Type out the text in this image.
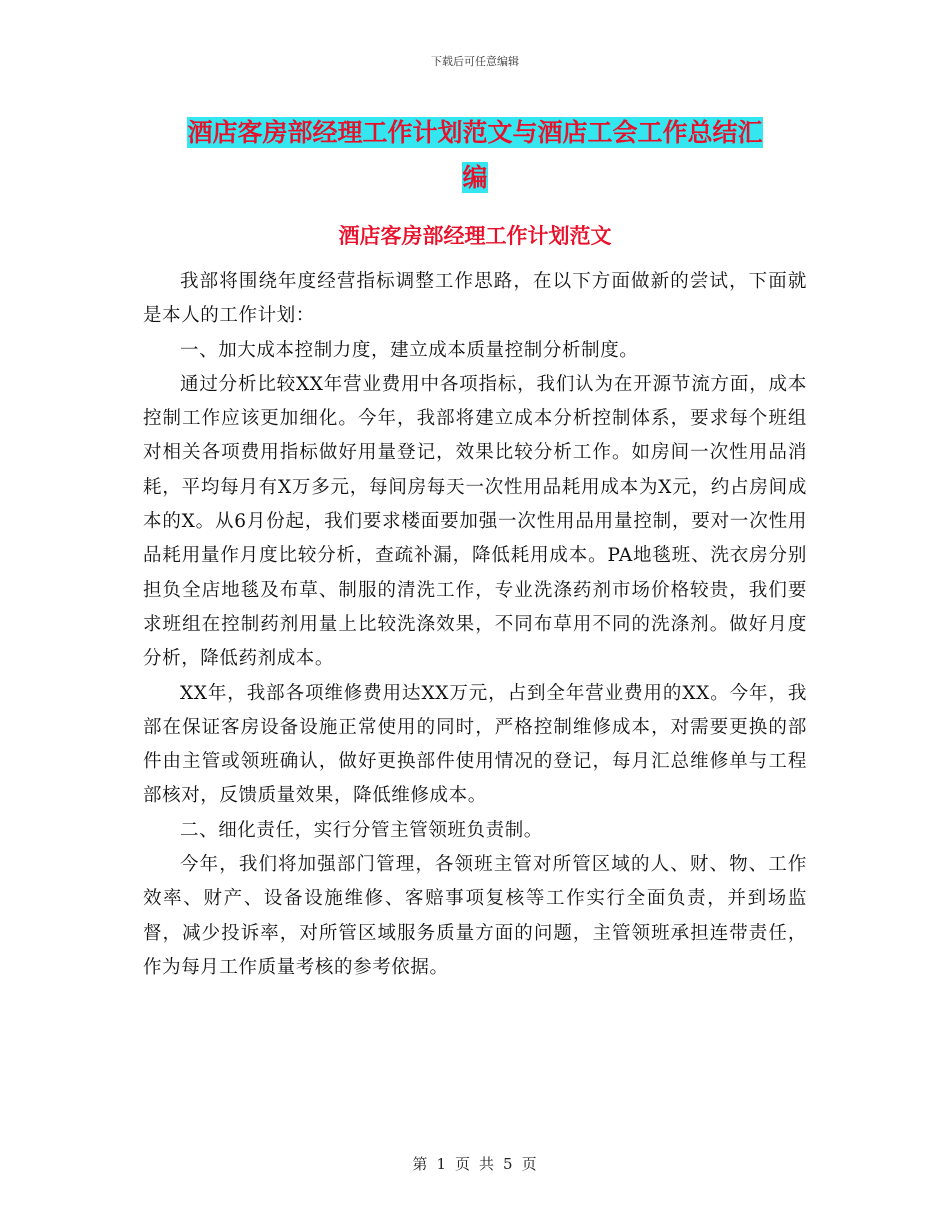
下载后可任意编辑
酒店客房部经理工作计划范文与酒店工会工作总结汇
编
酒店客房部经理工作计划范文

我部将围绕年度经营指标调整工作思路，在以下方面做新的尝试，下面就是本人的工作计划：

一、加大成本控制力度，建立成本质量控制分析制度。

通过分析比较XX年营业费用中各项指标，我们认为在开源节流方面，成本控制工作应该更加细化。今年，我部将建立成本分析控制体系，要求每个班组对相关各项费用指标做好用量登记，效果比较分析工作。如房间一次性用品消耗，平均每月有X万多元，每间房每天一次性用品耗用成本为X元，约占房间成本的X。从6月份起，我们要求楼面要加强一次性用品用量控制，要对一次性用品耗用量作月度比较分析，查疏补漏，降低耗用成本。PA地毯班、洗衣房分别担负全店地毯及布草、制服的清洗工作，专业洗涤药剂市场价格较贵，我们要求班组在控制药剂用量上比较洗涤效果，不同布草用不同的洗涤剂。做好月度分析，降低药剂成本。

XX年，我部各项维修费用达XX万元，占到全年营业费用的XX。今年，我部在保证客房设备设施正常使用的同时，严格控制维修成本，对需要更换的部件由主管或领班确认，做好更换部件使用情况的登记，每月汇总维修单与工程部核对，反馈质量效果，降低维修成本。

二、细化责任，实行分管主管领班负责制。

今年，我们将加强部门管理，各领班主管对所管区域的人、财、物、工作效率、财产、设备设施维修、客赔事项复核等工作实行全面负责，并到场监督，减少投诉率，对所管区域服务质量方面的问题，主管领班承担连带责任，作为每月工作质量考核的参考依据。

第 1 页 共 5 页
